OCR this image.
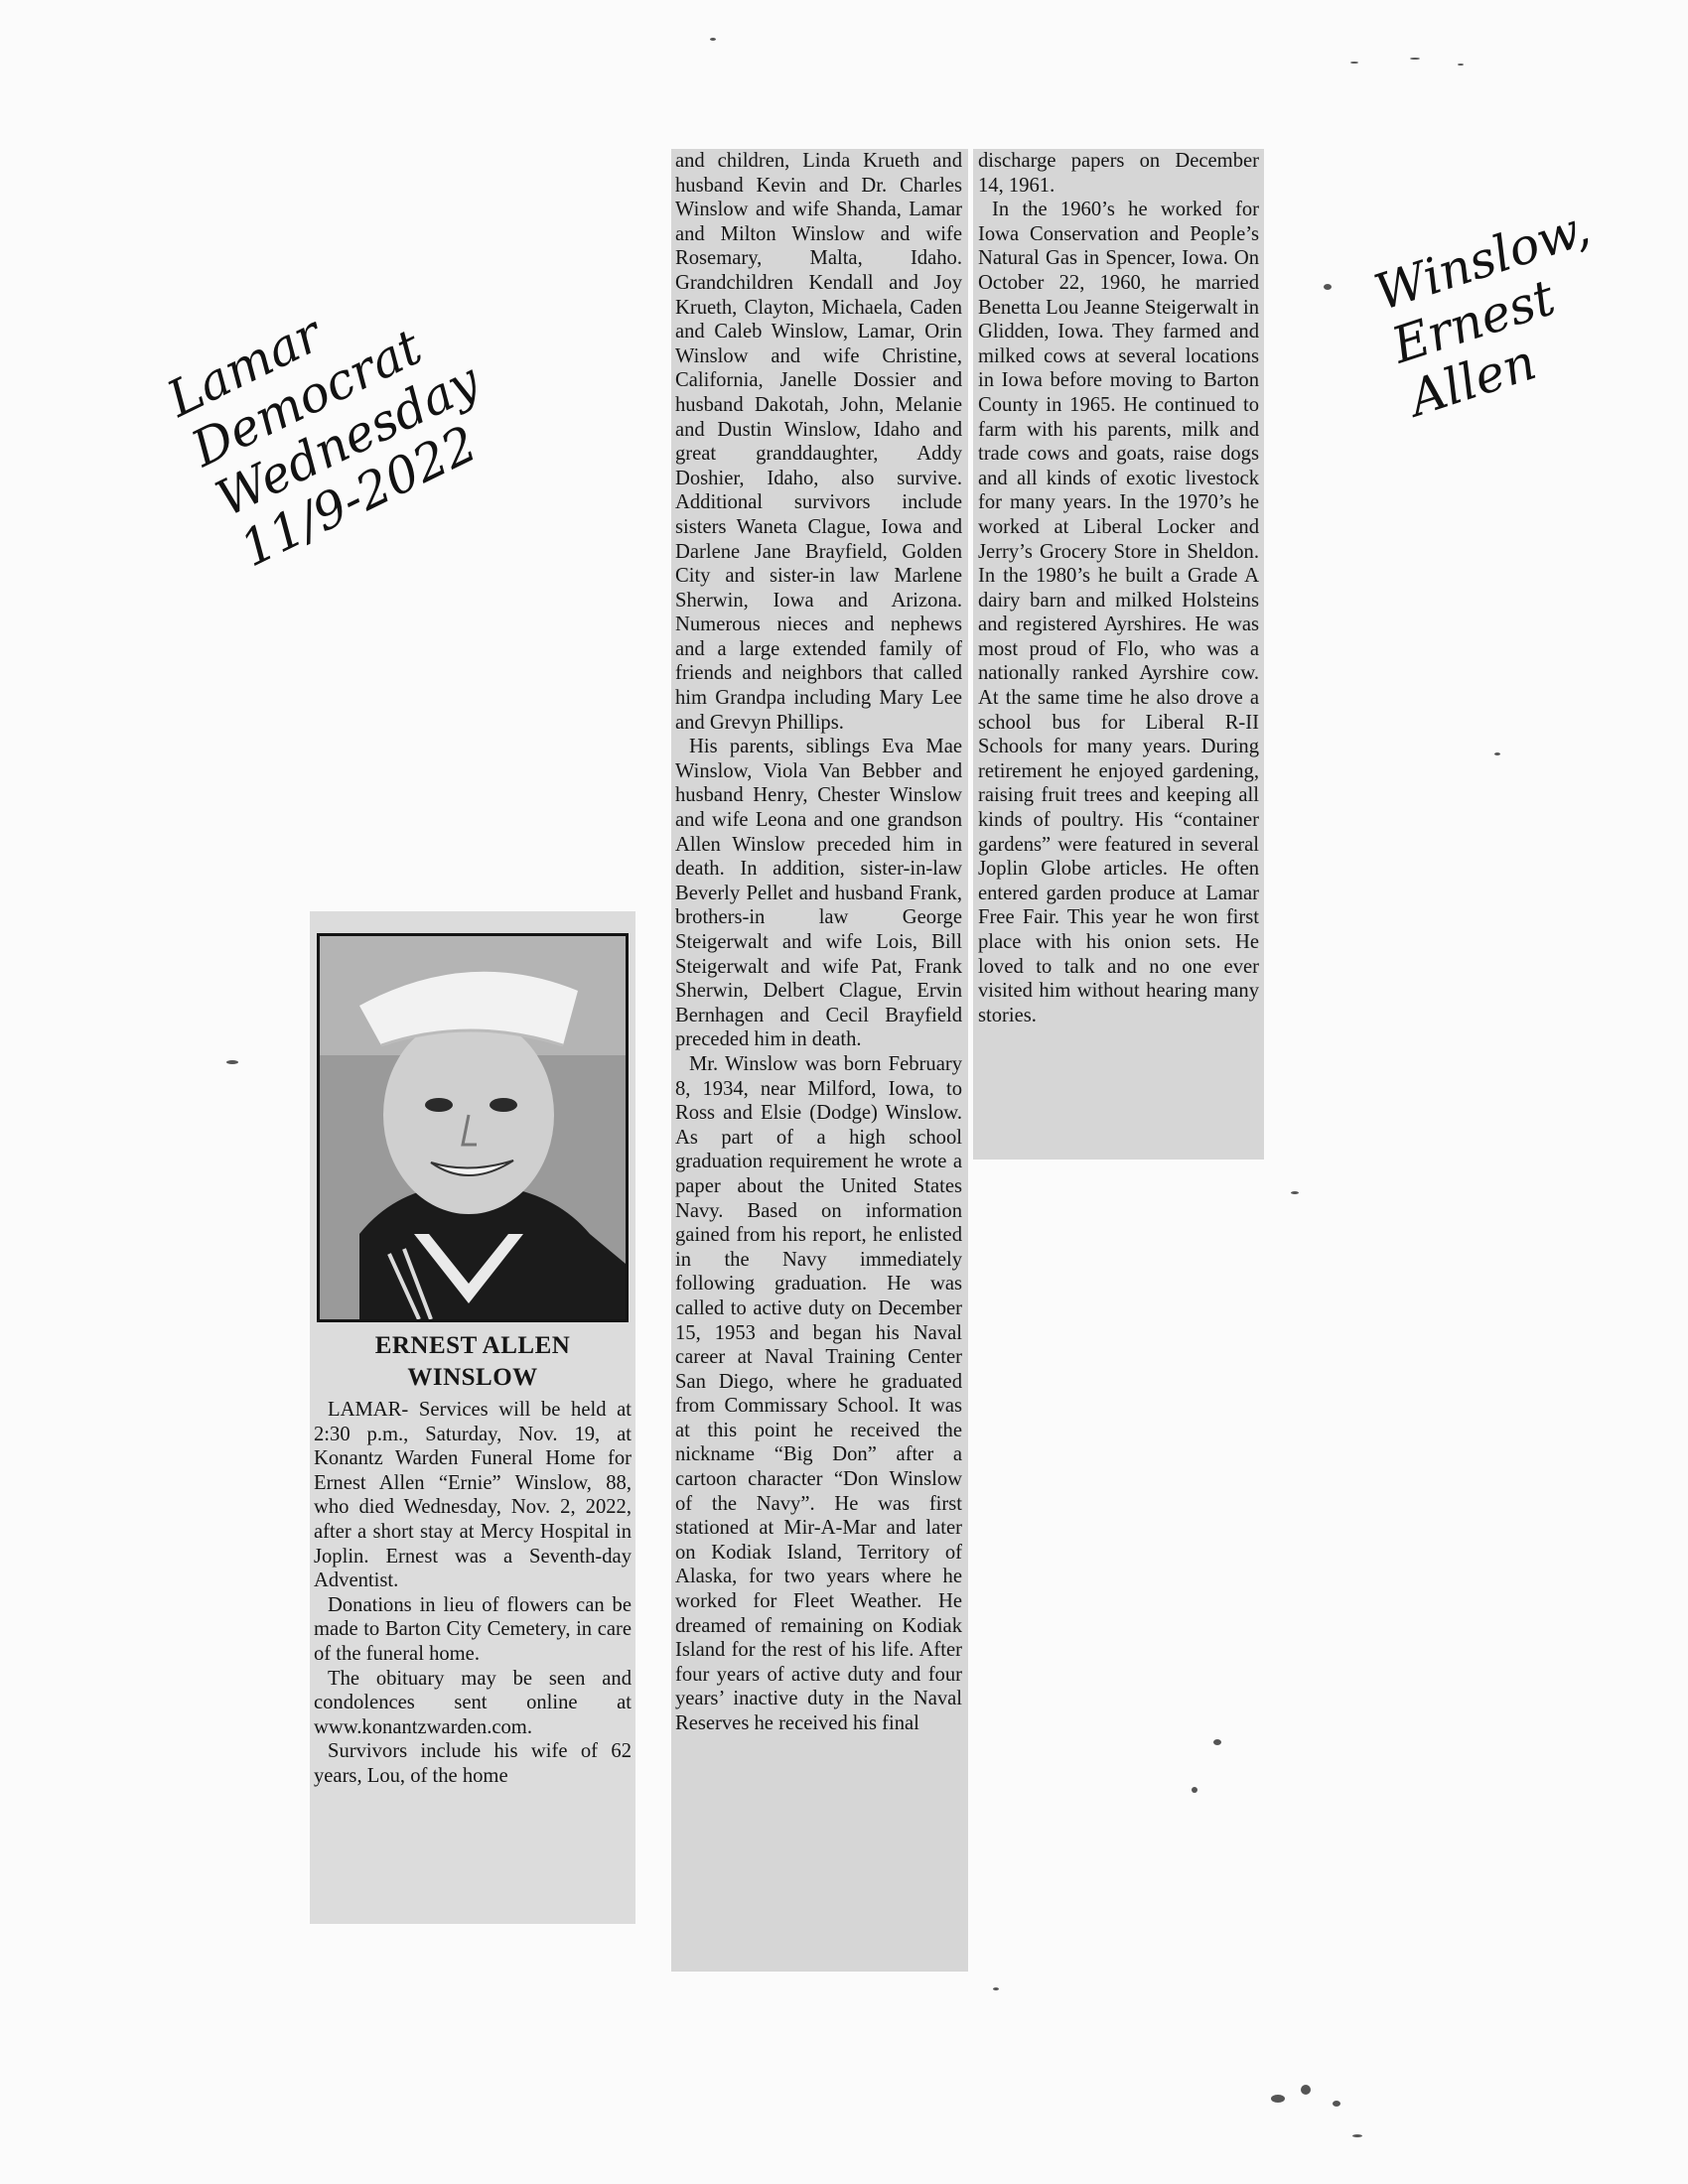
Lamar
Democrat
Wednesday
11/9-2022
Winslow,
Ernest
Allen
ERNEST ALLEN
WINSLOW

LAMAR- Services will be held at 2:30 p.m., Saturday, Nov. 19, at Konantz Warden Funeral Home for Ernest Allen “Ernie” Winslow, 88, who died Wednesday, Nov. 2, 2022, after a short stay at Mercy Hospital in Joplin. Ernest was a Seventh-day Adventist.

Donations in lieu of flowers can be made to Barton City Cemetery, in care of the funeral home.

The obituary may be seen and condolences sent online at www.konantzwarden.com.

Survivors include his wife of 62 years, Lou, of the home

and children, Linda Krueth and husband Kevin and Dr. Charles Winslow and wife Shanda, Lamar and Milton Winslow and wife Rosemary, Malta, Idaho. Grandchildren Kendall and Joy Krueth, Clayton, Michaela, Caden and Caleb Winslow, Lamar, Orin Winslow and wife Christine, California, Janelle Dossier and husband Dakotah, John, Melanie and Dustin Winslow, Idaho and great granddaughter, Addy Doshier, Idaho, also survive. Additional survivors include sisters Waneta Clague, Iowa and Darlene Jane Brayfield, Golden City and sister-in law Marlene Sherwin, Iowa and Arizona. Numerous nieces and nephews and a large extended family of friends and neighbors that called him Grandpa including Mary Lee and Grevyn Phillips.

His parents, siblings Eva Mae Winslow, Viola Van Bebber and husband Henry, Chester Winslow and wife Leona and one grandson Allen Winslow preceded him in death. In addition, sister-in-law Beverly Pellet and husband Frank, brothers-in law George Steigerwalt and wife Lois, Bill Steigerwalt and wife Pat, Frank Sherwin, Delbert Clague, Ervin Bernhagen and Cecil Brayfield preceded him in death.

Mr. Winslow was born February 8, 1934, near Milford, Iowa, to Ross and Elsie (Dodge) Winslow. As part of a high school graduation requirement he wrote a paper about the United States Navy. Based on information gained from his report, he enlisted in the Navy immediately following graduation. He was called to active duty on December 15, 1953 and began his Naval career at Naval Training Center San Diego, where he graduated from Commissary School. It was at this point he received the nickname “Big Don” after a cartoon character “Don Winslow of the Navy”. He was first stationed at Mir-A-Mar and later on Kodiak Island, Territory of Alaska, for two years where he worked for Fleet Weather. He dreamed of remaining on Kodiak Island for the rest of his life. After four years of active duty and four years’ inactive duty in the Naval Reserves he received his final

discharge papers on December 14, 1961.

In the 1960’s he worked for Iowa Conservation and People’s Natural Gas in Spencer, Iowa. On October 22, 1960, he married Benetta Lou Jeanne Steigerwalt in Glidden, Iowa. They farmed and milked cows at several locations in Iowa before moving to Barton County in 1965. He continued to farm with his parents, milk and trade cows and goats, raise dogs and all kinds of exotic livestock for many years. In the 1970’s he worked at Liberal Locker and Jerry’s Grocery Store in Sheldon. In the 1980’s he built a Grade A dairy barn and milked Holsteins and registered Ayrshires. He was most proud of Flo, who was a nationally ranked Ayrshire cow. At the same time he also drove a school bus for Liberal R-II Schools for many years. During retirement he enjoyed gardening, raising fruit trees and keeping all kinds of poultry. His “container gardens” were featured in several Joplin Globe articles. He often entered garden produce at Lamar Free Fair. This year he won first place with his onion sets. He loved to talk and no one ever visited him without hearing many stories.
